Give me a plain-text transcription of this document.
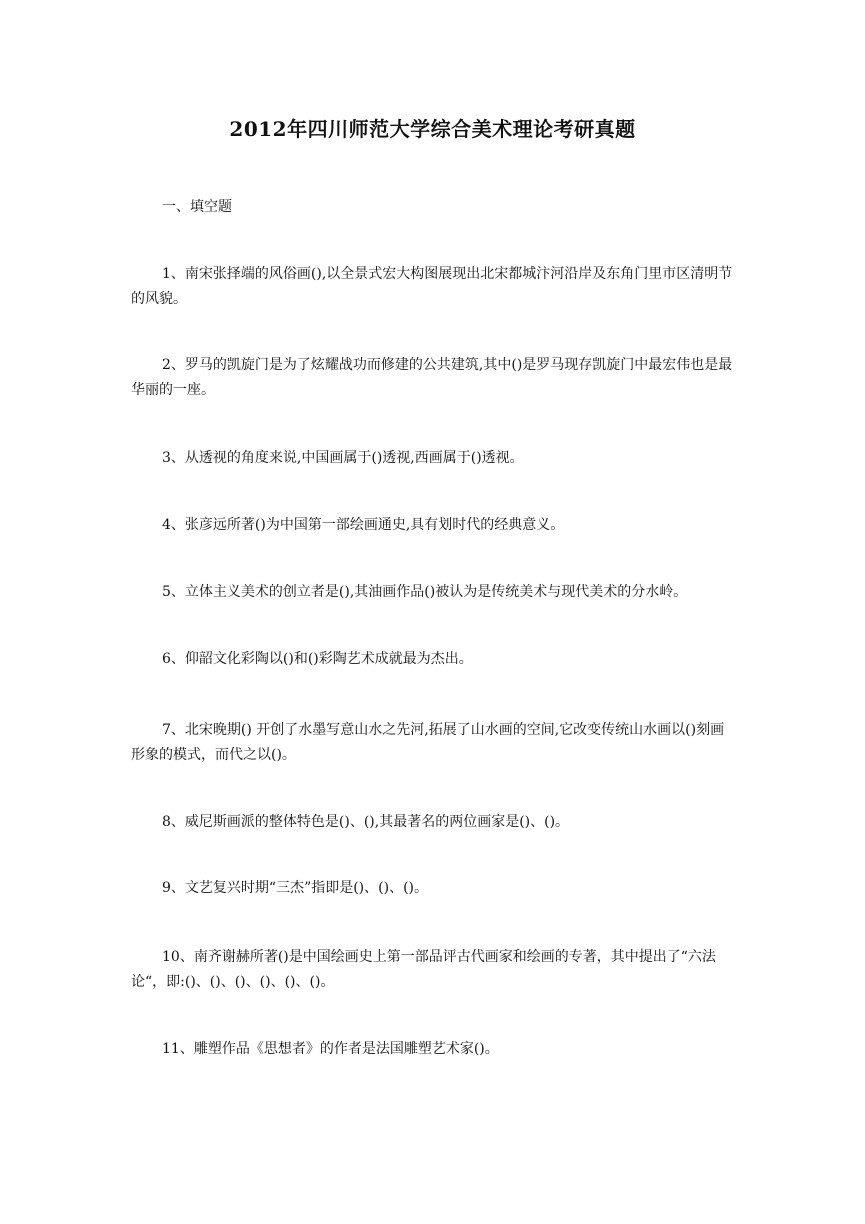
2012年四川师范大学综合美术理论考研真题
一、填空题
1、南宋张择端的风俗画(),以全景式宏大构图展现出北宋都城汴河沿岸及东角门里市区清明节的风貌。
2、罗马的凯旋门是为了炫耀战功而修建的公共建筑,其中()是罗马现存凯旋门中最宏伟也是最华丽的一座。
3、从透视的角度来说,中国画属于()透视,西画属于()透视。
4、张彦远所著()为中国第一部绘画通史,具有划时代的经典意义。
5、立体主义美术的创立者是(),其油画作品()被认为是传统美术与现代美术的分水岭。
6、仰韶文化彩陶以()和()彩陶艺术成就最为杰出。
7、北宋晚期() 开创了水墨写意山水之先河,拓展了山水画的空间,它改变传统山水画以()刻画形象的模式，而代之以()。
8、威尼斯画派的整体特色是()、(),其最著名的两位画家是()、()。
9、文艺复兴时期“三杰”指即是()、()、()。
10、南齐谢赫所著()是中国绘画史上第一部品评古代画家和绘画的专著，其中提出了“六法论“，即:()、()、()、()、()、()。
11、雕塑作品《思想者》的作者是法国雕塑艺术家()。
